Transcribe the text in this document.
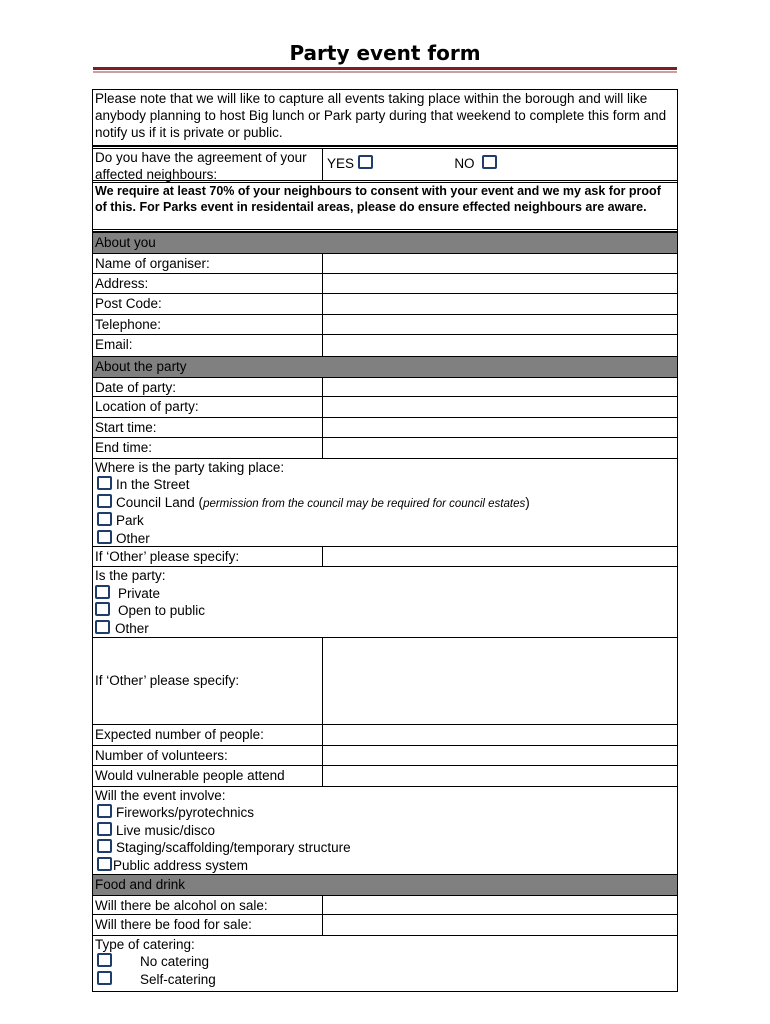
Party event form
Please note that we will like to capture all events taking place within the borough and will like anybody planning to host Big lunch or Park party during that weekend to complete this form and notify us if it is private or public.
Do you have the agreement of your affected neighbours:
YES	NO
We require at least 70% of your neighbours to consent with your event and we my ask for proof of this. For Parks event in residentail areas, please do ensure effected neighbours are aware.
About you
Name of organiser:
Address:
Post Code:
Telephone:
Email:
About the party
Date of party:
Location of party:
Start time:
End time:
Where is the party taking place:
In the Street
Council Land (permission from the council may be required for council estates)
Park
Other
If ‘Other’ please specify:
Is the party:
Private
Open to public
Other
If ‘Other’ please specify:
Expected number of people:
Number of volunteers:
Would vulnerable people attend
Will the event involve:
Fireworks/pyrotechnics
Live music/disco
Staging/scaffolding/temporary structure
Public address system
Food and drink
Will there be alcohol on sale:
Will there be food for sale:
Type of catering:
No catering
Self-catering
